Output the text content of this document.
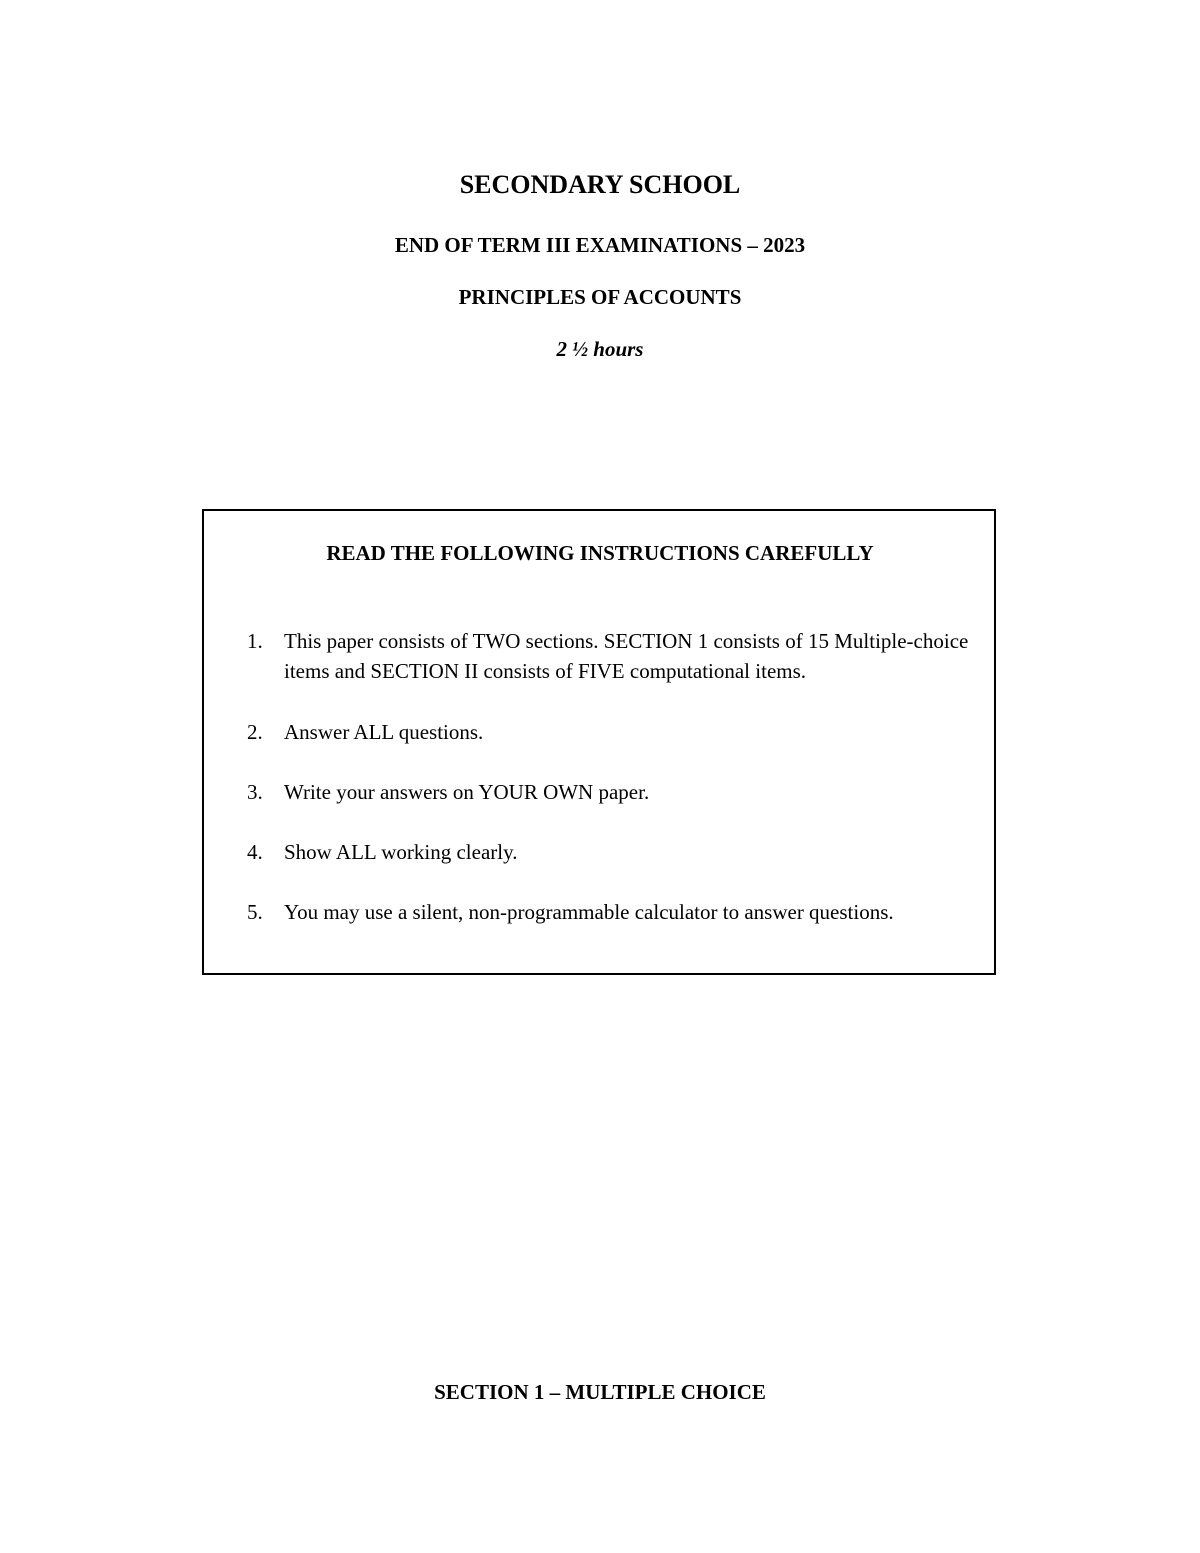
SECONDARY SCHOOL
END OF TERM III EXAMINATIONS – 2023
PRINCIPLES OF ACCOUNTS
2 ½ hours
READ THE FOLLOWING INSTRUCTIONS CAREFULLY
1.	This paper consists of TWO sections. SECTION 1 consists of 15 Multiple-choice items and SECTION II consists of FIVE computational items.
2.	Answer ALL questions.
3.	Write your answers on YOUR OWN paper.
4.	Show ALL working clearly.
5.	You may use a silent, non-programmable calculator to answer questions.
SECTION 1 – MULTIPLE CHOICE
